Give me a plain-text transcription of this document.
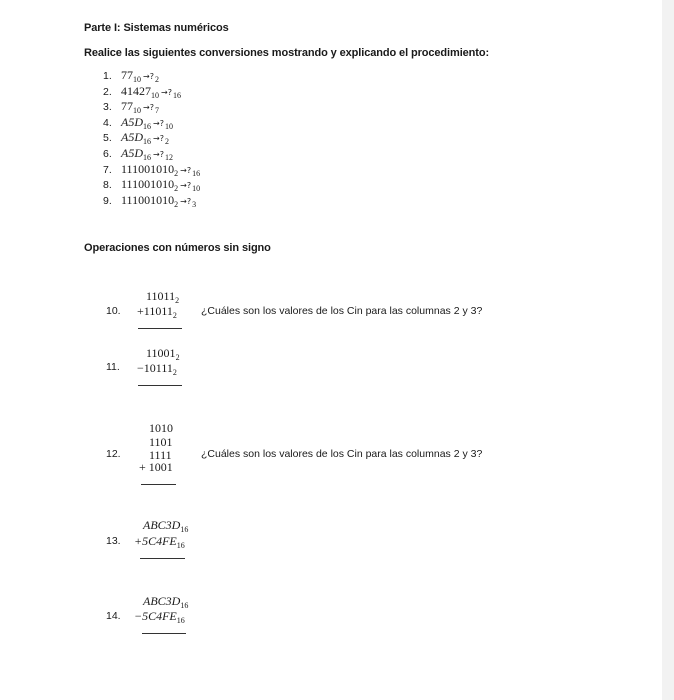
Parte I: Sistemas numéricos
Realice las siguientes conversiones mostrando y explicando el procedimiento:
1. $77_{10}$ $\to?_2$
2. $41427_{10}$ $\to?_{16}$
3. $77_{10}$ $\to?_7$
4. $A5D_{16}$ $\to?_{10}$
5. $A5D_{16}$ $\to?_2$
6. $A5D_{16}$ $\to?_{12}$
7. $111001010_2$ $\to?_{16}$
8. $111001010_2$ $\to?_{10}$
9. $111001010_2$ $\to?_3$
Operaciones con números sin signo
10.
$11011_2$
$+11011_2$ ¿Cuáles son los valores de los Cin para las columnas 2 y 3?
11.
$11001_2$
$-10111_2$
12.
1010
1101
1111
+ 1001
¿Cuáles son los valores de los Cin para las columnas 2 y 3?
13.
$ABC3D_{16}$
$+5C4FE_{16}$
14.
$ABC3D_{16}$
$-5C4FE_{16}$
